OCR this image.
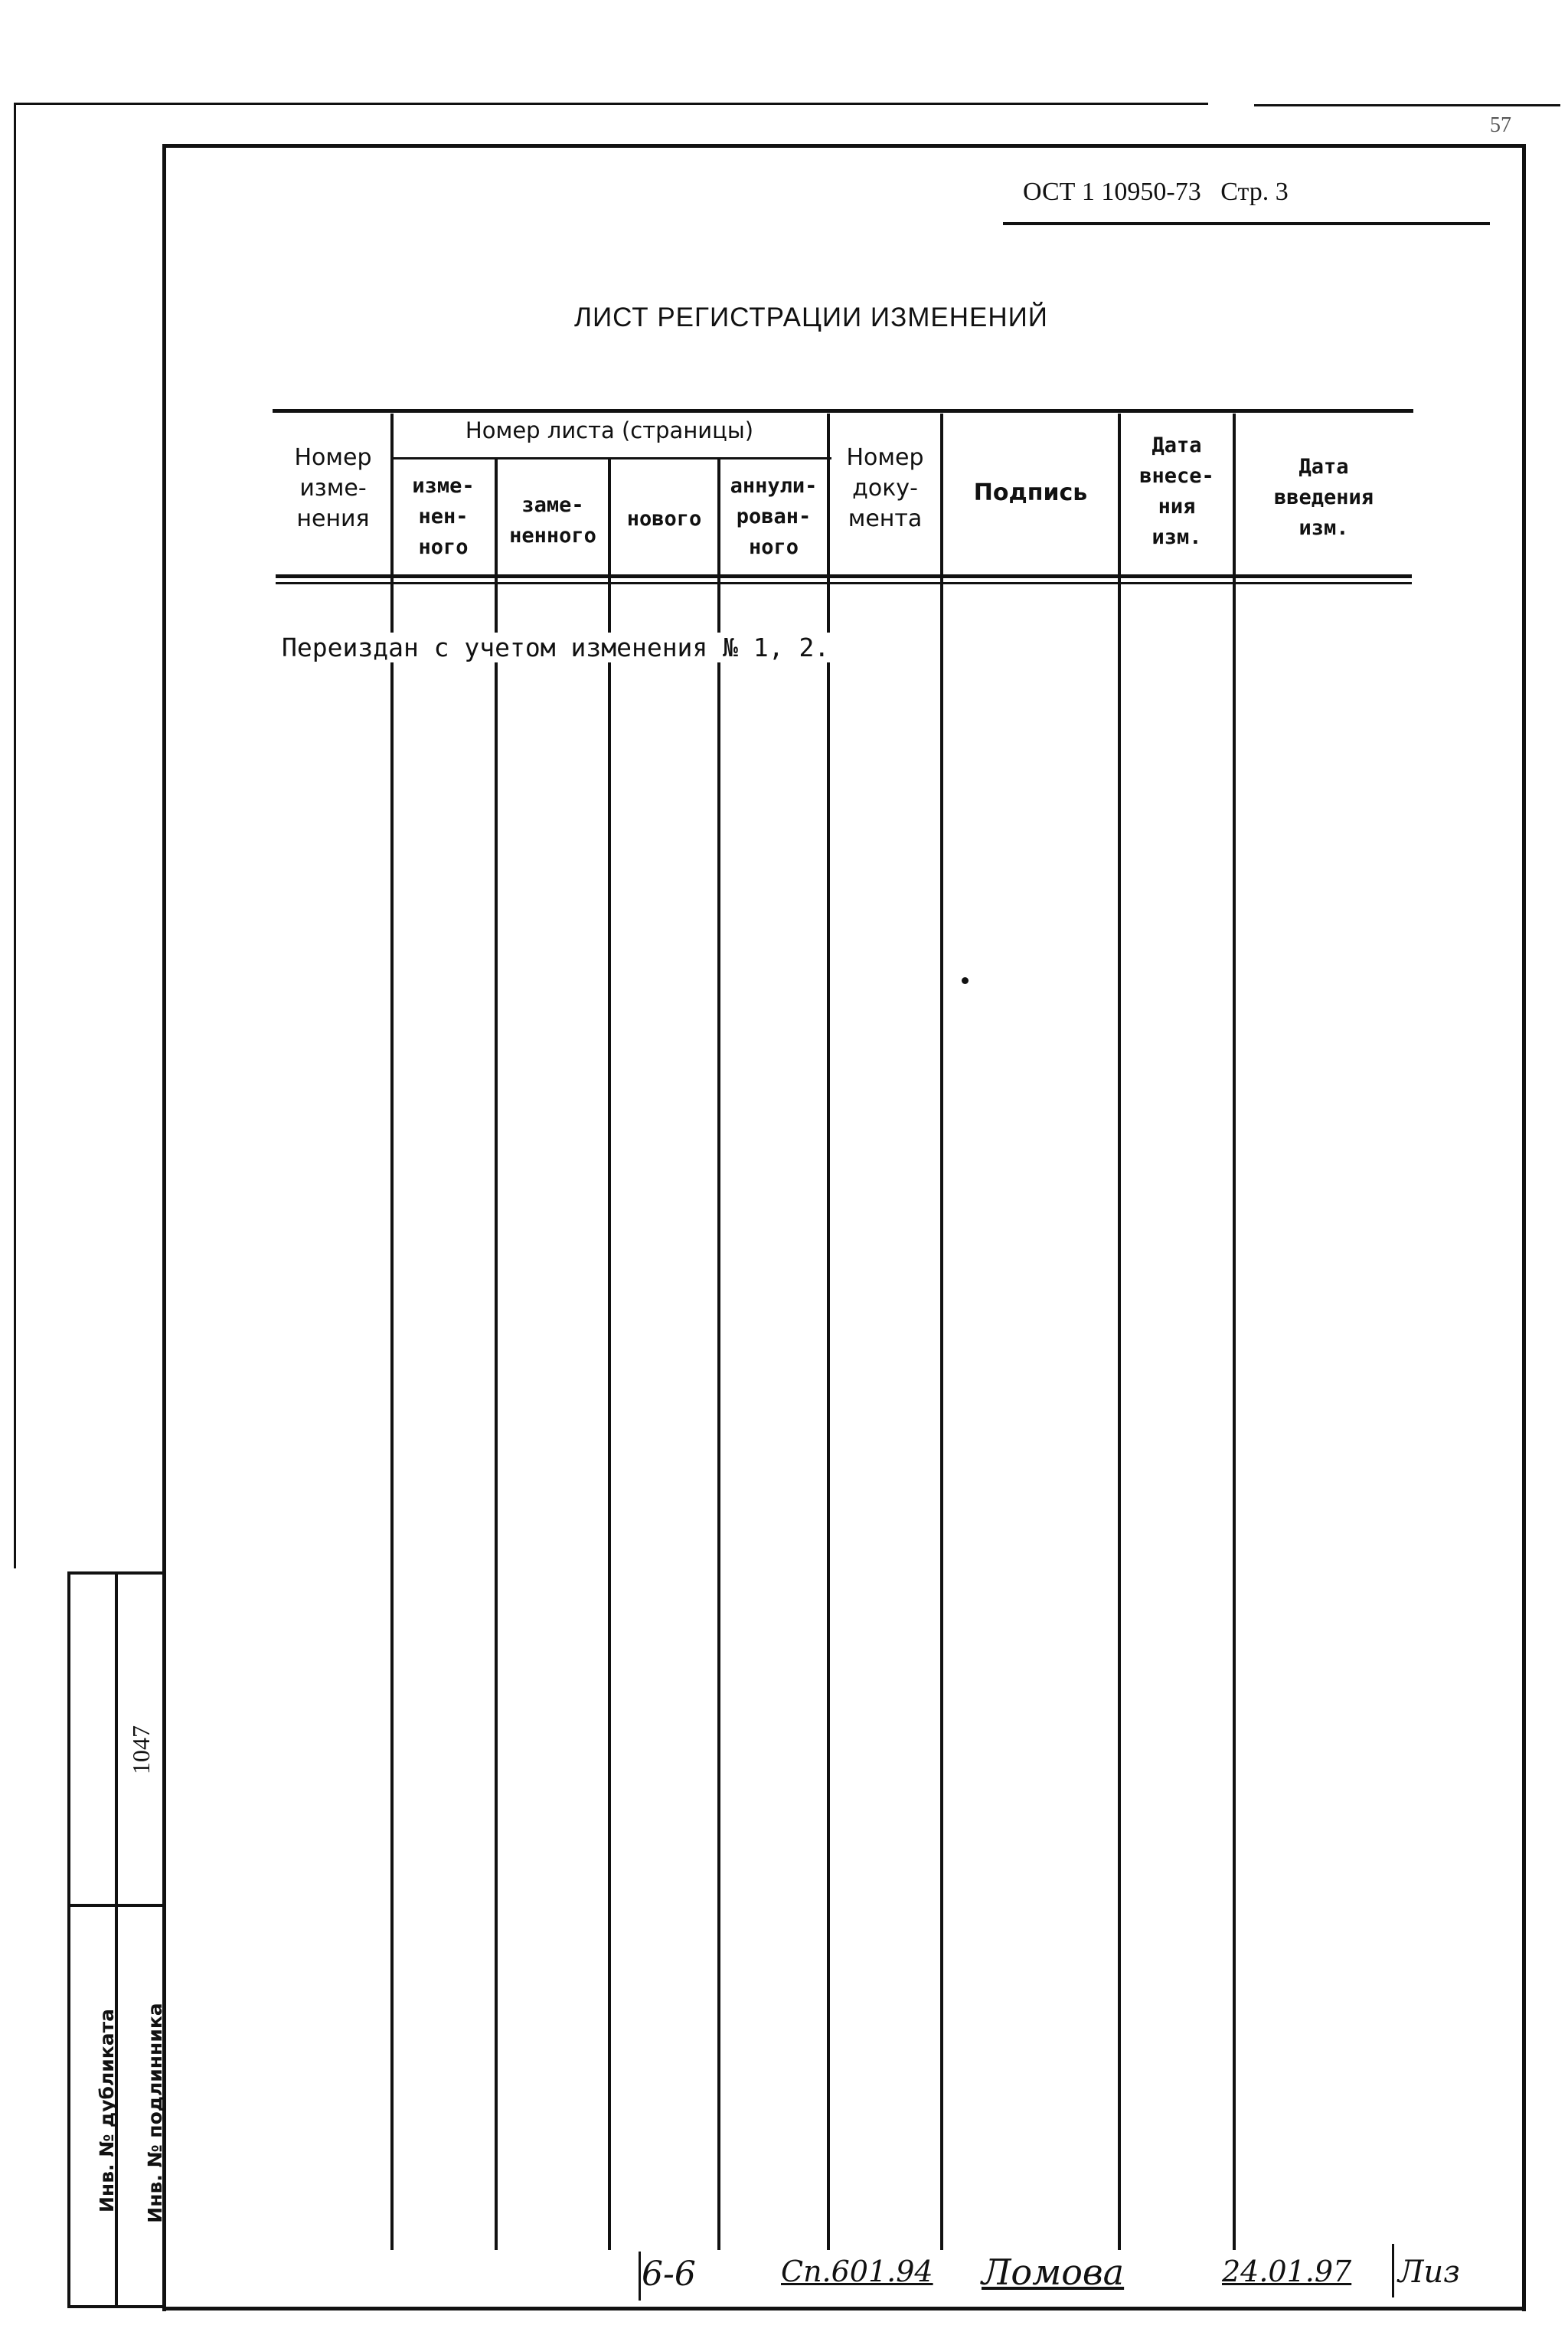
57
ОСТ 1 10950-73 Стр. 3
ЛИСТ РЕГИСТРАЦИИ ИЗМЕНЕНИЙ
Номер листа (страницы)
Номер
изме-
нения
изме-
нен-
ного
заме-
ненного
нового
аннули-
рован-
ного
Номер
доку-
мента
Подпись
Дата
внесе-
ния
изм.
Дата
введения
изм.
Переиздан с учетом изменения № 1, 2.
Инв. № дубликата Инв. № подлинника
1047
6-6	Сп.601.94 Ломова	24.01.97 Лиз
